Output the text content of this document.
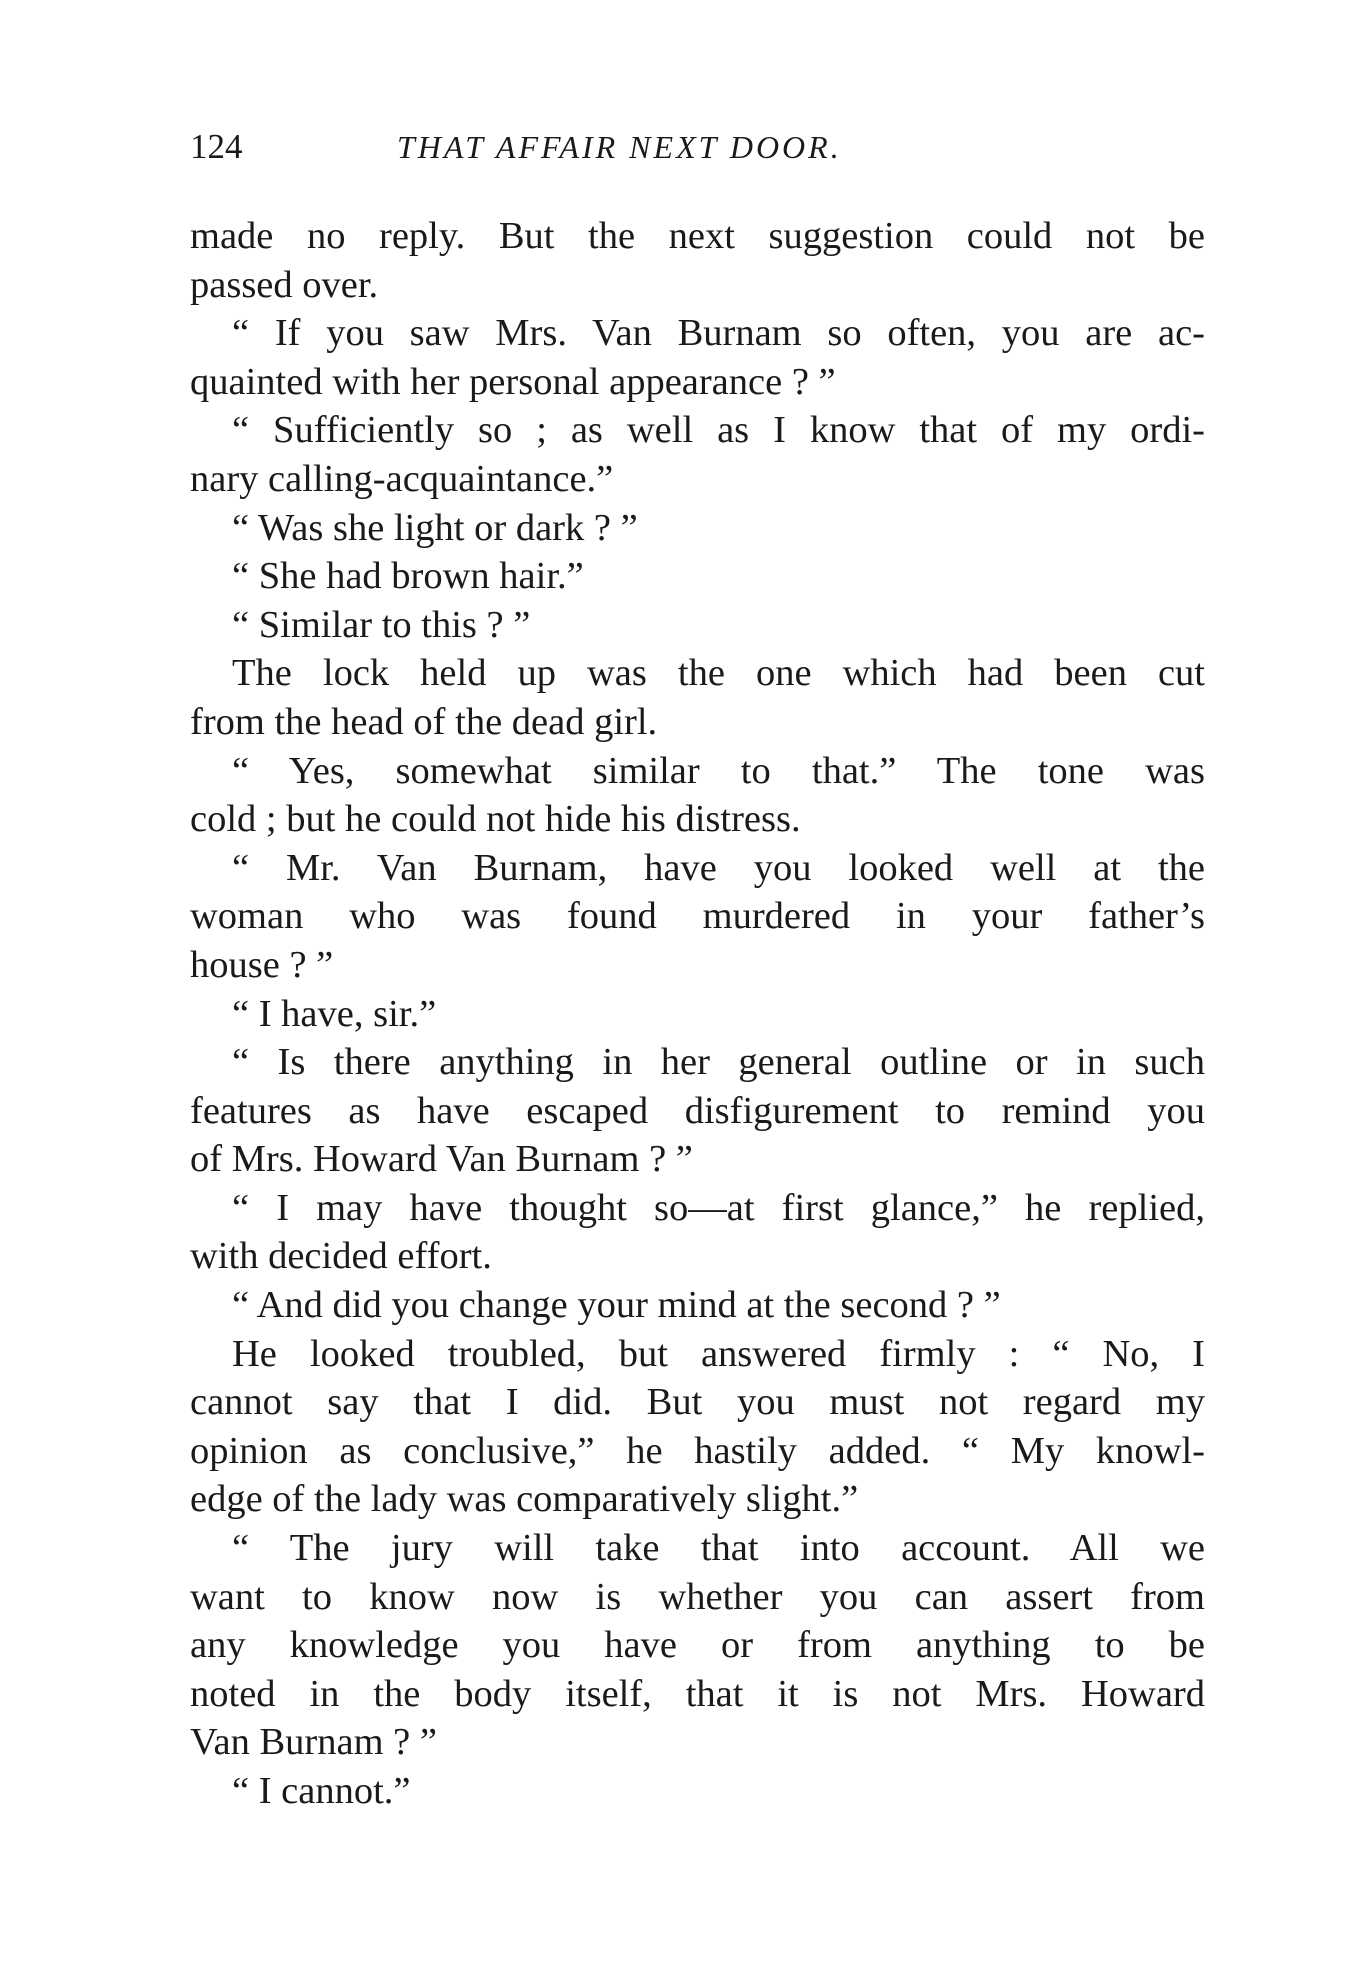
124	THAT AFFAIR NEXT DOOR.
made no reply. But the next suggestion could not be
passed over.
“ If you saw Mrs. Van Burnam so often, you are ac-
quainted with her personal appearance ? ”
“ Sufficiently so ; as well as I know that of my ordi-
nary calling-acquaintance.”
“ Was she light or dark ? ”
“ She had brown hair.”
“ Similar to this ? ”
The lock held up was the one which had been cut
from the head of the dead girl.
“ Yes, somewhat similar to that.” The tone was
cold ; but he could not hide his distress.
“ Mr. Van Burnam, have you looked well at the
woman who was found murdered in your father’s
house ? ”
“ I have, sir.”
“ Is there anything in her general outline or in such
features as have escaped disfigurement to remind you
of Mrs. Howard Van Burnam ? ”
“ I may have thought so—at first glance,” he replied,
with decided effort.
“ And did you change your mind at the second ? ”
He looked troubled, but answered firmly : “ No, I
cannot say that I did. But you must not regard my
opinion as conclusive,” he hastily added. “ My knowl-
edge of the lady was comparatively slight.”
“ The jury will take that into account. All we
want to know now is whether you can assert from
any knowledge you have or from anything to be
noted in the body itself, that it is not Mrs. Howard
Van Burnam ? ”
“ I cannot.”
